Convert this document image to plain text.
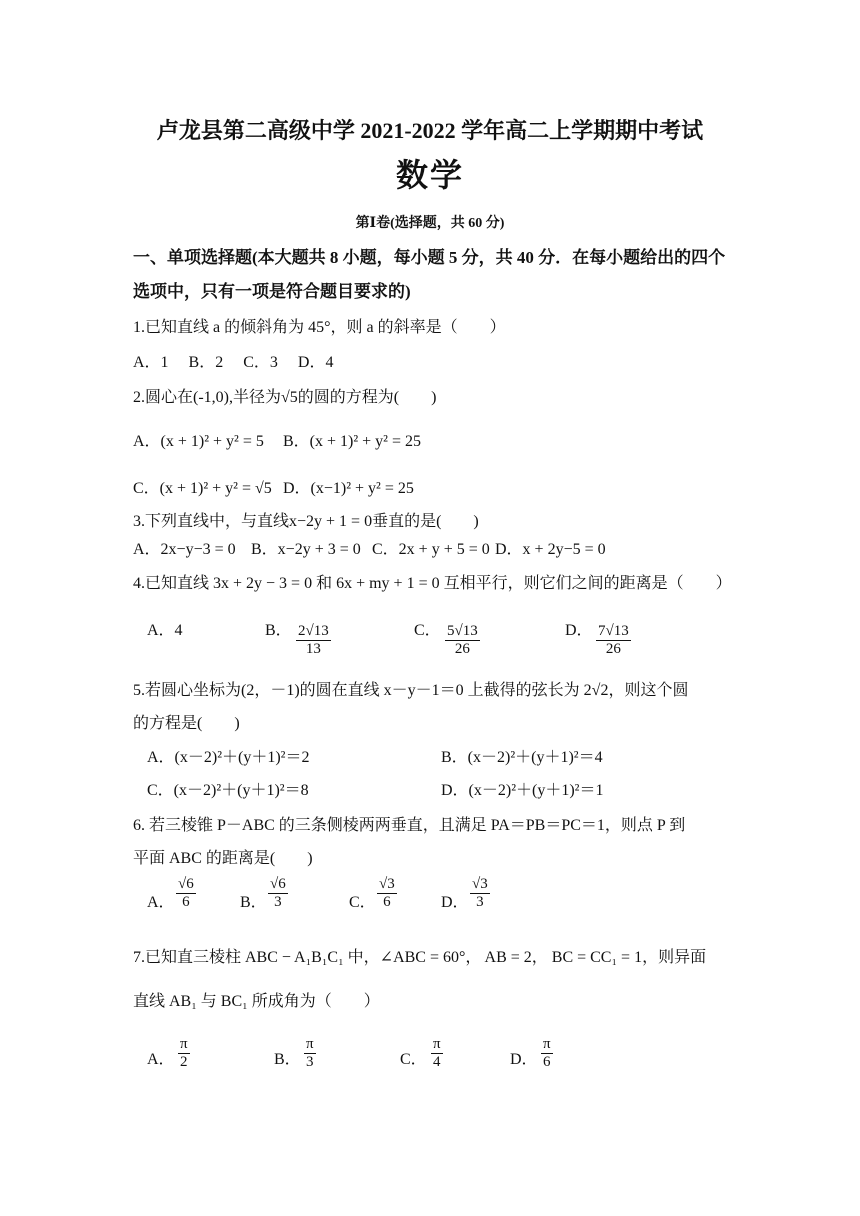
卢龙县第二高级中学 2021-2022 学年高二上学期期中考试
数学
第Ⅰ卷(选择题，共 60 分)
一、单项选择题(本大题共 8 小题，每小题 5 分，共 40 分．在每小题给出的四个
选项中，只有一项是符合题目要求的)
1.已知直线 a 的倾斜角为 45°，则 a 的斜率是（　　）
A．1　 B．2　 C．3　 D．4
2.圆心在(-1,0),半径为√5的圆的方程为(　　)
A．(x + 1)² + y² = 5 B．(x + 1)² + y² = 25
C．(x + 1)² + y² = √5 D．(x−1)² + y² = 25
3.下列直线中，与直线x−2y + 1 = 0垂直的是(　　)
A．2x−y−3 = 0 B．x−2y + 3 = 0 C．2x + y + 5 = 0 D．x + 2y−5 = 0
4.已知直线 3x + 2y − 3 = 0 和 6x + my + 1 = 0 互相平行，则它们之间的距离是（　　）
A．4	B． $\frac{2√13}{13}$	C． $\frac{5√13}{26}$	D． $\frac{7√13}{26}$
5.若圆心坐标为(2，－1)的圆在直线 x－y－1＝0 上截得的弦长为 2√2，则这个圆
的方程是(　　)
A．(x－2)²＋(y＋1)²＝2	B．(x－2)²＋(y＋1)²＝4
C．(x－2)²＋(y＋1)²＝8	D．(x－2)²＋(y＋1)²＝1
6. 若三棱锥 P－ABC 的三条侧棱两两垂直，且满足 PA＝PB＝PC＝1，则点 P 到
平面 ABC 的距离是(　　)
A． $\frac{√6}{6}$	B． $\frac{√6}{3}$	C． $\frac{√3}{6}$	D． $\frac{√3}{3}$
7.已知直三棱柱 ABC − A₁B₁C₁ 中，∠ABC = 60°， AB = 2， BC = CC₁ = 1，则异面
直线 AB₁ 与 BC₁ 所成角为（　　）
A． $\frac{\pi}{2}$	B． $\frac{\pi}{3}$	C． $\frac{\pi}{4}$	D． $\frac{\pi}{6}$
